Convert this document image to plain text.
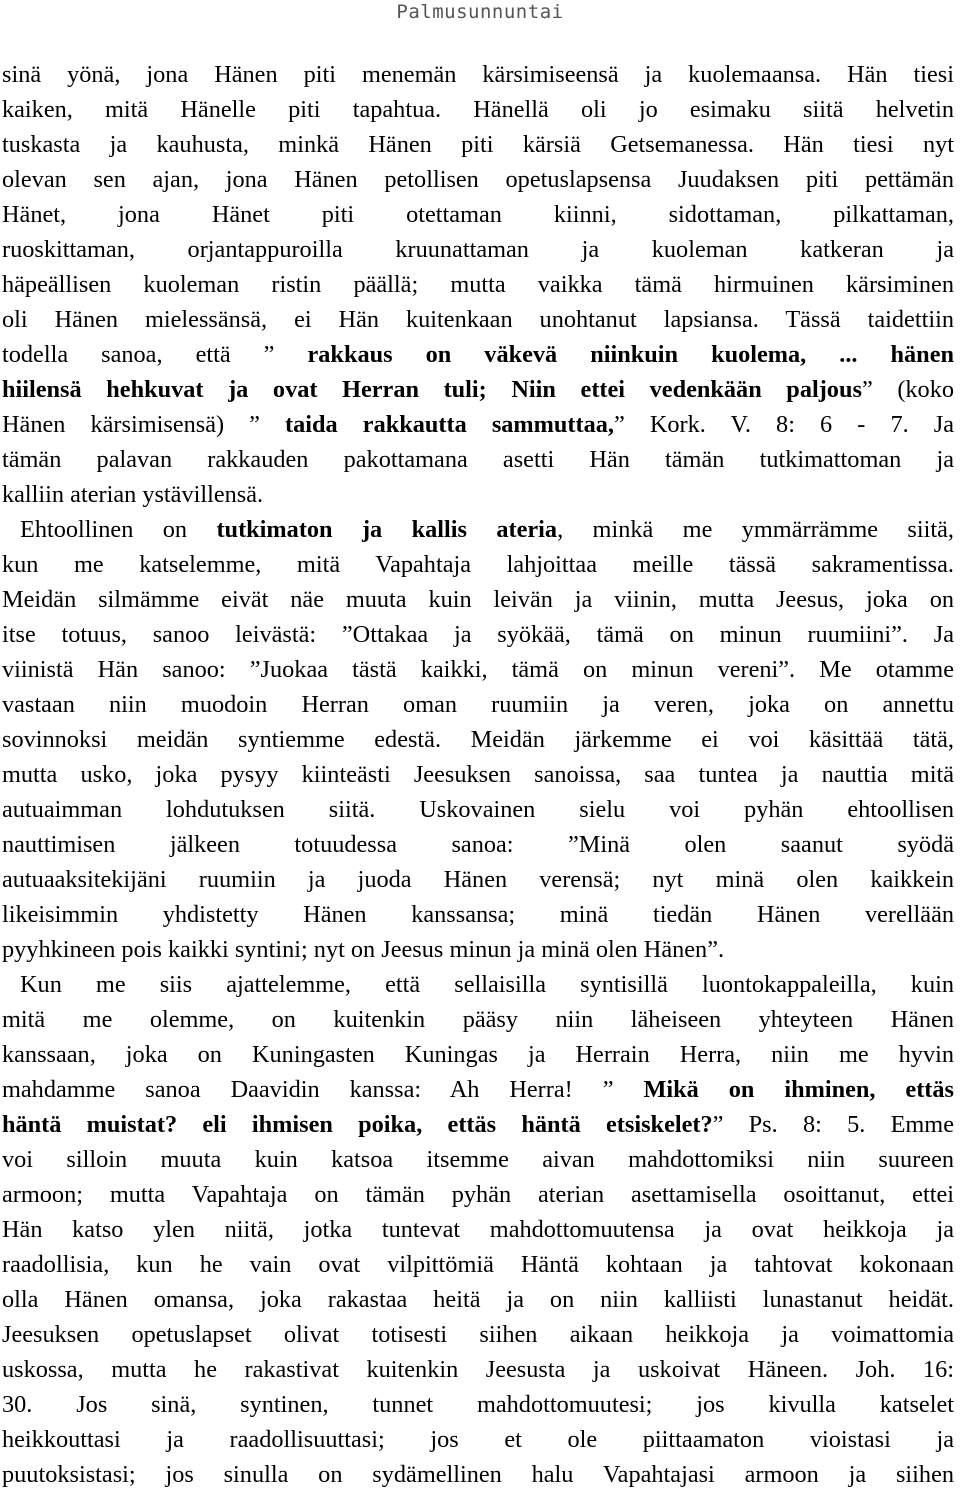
Palmusunnuntai
sinä yönä, jona Hänen piti menemän kärsimiseensä ja kuolemaansa. Hän tiesi
kaiken, mitä Hänelle piti tapahtua. Hänellä oli jo esimaku siitä helvetin
tuskasta ja kauhusta, minkä Hänen piti kärsiä Getsemanessa. Hän tiesi nyt
olevan sen ajan, jona Hänen petollisen opetuslapsensa Juudaksen piti pettämän
Hänet, jona Hänet piti otettaman kiinni, sidottaman, pilkattaman,
ruoskittaman, orjantappuroilla kruunattaman ja kuoleman katkeran ja
häpeällisen kuoleman ristin päällä; mutta vaikka tämä hirmuinen kärsiminen
oli Hänen mielessänsä, ei Hän kuitenkaan unohtanut lapsiansa. Tässä taidettiin
todella sanoa, että ” rakkaus on väkevä niinkuin kuolema, ... hänen
hiilensä hehkuvat ja ovat Herran tuli; Niin ettei vedenkään paljous” (koko
Hänen kärsimisensä) ” taida rakkautta sammuttaa,” Kork. V. 8: 6 - 7. Ja
tämän palavan rakkauden pakottamana asetti Hän tämän tutkimattoman ja
kalliin aterian ystävillensä.
Ehtoollinen on tutkimaton ja kallis ateria, minkä me ymmärrämme siitä,
kun me katselemme, mitä Vapahtaja lahjoittaa meille tässä sakramentissa.
Meidän silmämme eivät näe muuta kuin leivän ja viinin, mutta Jeesus, joka on
itse totuus, sanoo leivästä: ”Ottakaa ja syökää, tämä on minun ruumiini”. Ja
viinistä Hän sanoo: ”Juokaa tästä kaikki, tämä on minun vereni”. Me otamme
vastaan niin muodoin Herran oman ruumiin ja veren, joka on annettu
sovinnoksi meidän syntiemme edestä. Meidän järkemme ei voi käsittää tätä,
mutta usko, joka pysyy kiinteästi Jeesuksen sanoissa, saa tuntea ja nauttia mitä
autuaimman lohdutuksen siitä. Uskovainen sielu voi pyhän ehtoollisen
nauttimisen jälkeen totuudessa sanoa: ”Minä olen saanut syödä
autuaaksitekijäni ruumiin ja juoda Hänen verensä; nyt minä olen kaikkein
likeisimmin yhdistetty Hänen kanssansa; minä tiedän Hänen verellään
pyyhkineen pois kaikki syntini; nyt on Jeesus minun ja minä olen Hänen”.
Kun me siis ajattelemme, että sellaisilla syntisillä luontokappaleilla, kuin
mitä me olemme, on kuitenkin pääsy niin läheiseen yhteyteen Hänen
kanssaan, joka on Kuningasten Kuningas ja Herrain Herra, niin me hyvin
mahdamme sanoa Daavidin kanssa: Ah Herra! ” Mikä on ihminen, ettäs
häntä muistat? eli ihmisen poika, ettäs häntä etsiskelet?” Ps. 8: 5. Emme
voi silloin muuta kuin katsoa itsemme aivan mahdottomiksi niin suureen
armoon; mutta Vapahtaja on tämän pyhän aterian asettamisella osoittanut, ettei
Hän katso ylen niitä, jotka tuntevat mahdottomuutensa ja ovat heikkoja ja
raadollisia, kun he vain ovat vilpittömiä Häntä kohtaan ja tahtovat kokonaan
olla Hänen omansa, joka rakastaa heitä ja on niin kalliisti lunastanut heidät.
Jeesuksen opetuslapset olivat totisesti siihen aikaan heikkoja ja voimattomia
uskossa, mutta he rakastivat kuitenkin Jeesusta ja uskoivat Häneen. Joh. 16:
30. Jos sinä, syntinen, tunnet mahdottomuutesi; jos kivulla katselet
heikkouttasi ja raadollisuuttasi; jos et ole piittaamaton vioistasi ja
puutoksistasi; jos sinulla on sydämellinen halu Vapahtajasi armoon ja siihen
